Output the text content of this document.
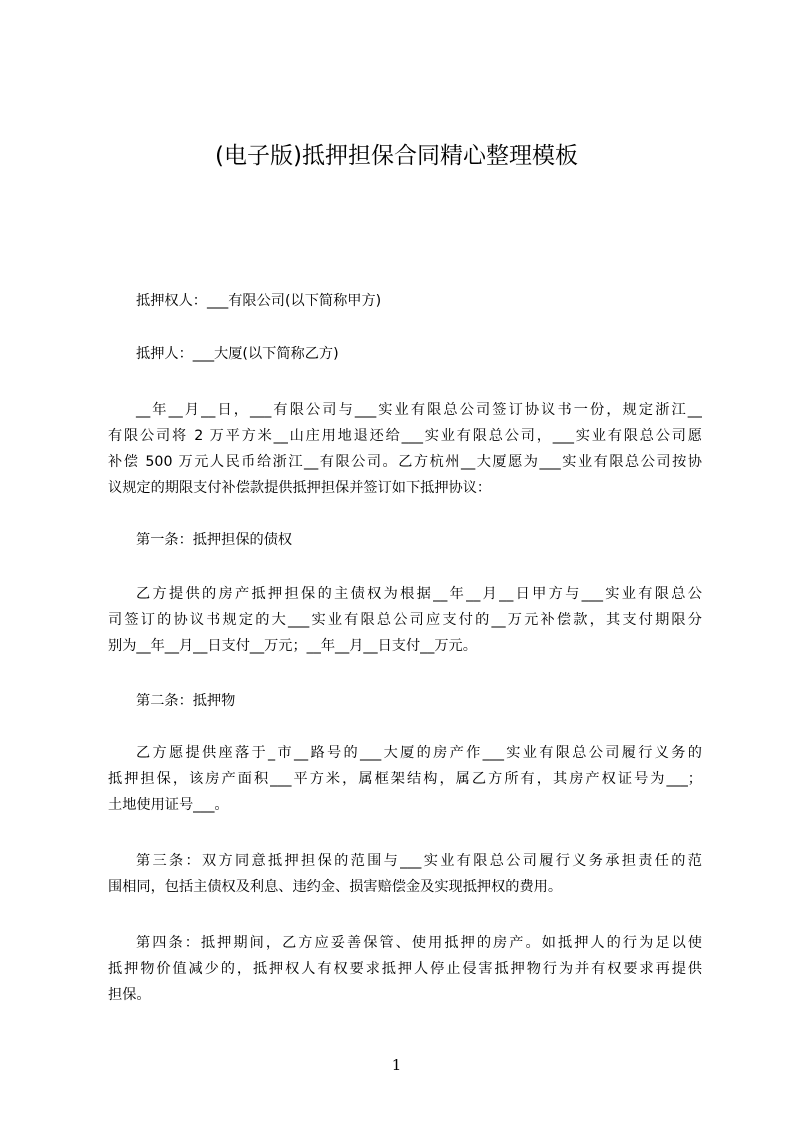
(电子版)抵押担保合同精心整理模板
抵押权人：___有限公司(以下简称甲方)
抵押人：___大厦(以下简称乙方)
__年__月__日，___有限公司与___实业有限总公司签订协议书一份，规定浙江__
有限公司将 2 万平方米__山庄用地退还给___实业有限总公司，___实业有限总公司愿
补偿 500 万元人民币给浙江__有限公司。乙方杭州__大厦愿为___实业有限总公司按协
议规定的期限支付补偿款提供抵押担保并签订如下抵押协议：
第一条：抵押担保的债权
乙方提供的房产抵押担保的主债权为根据__年__月__日甲方与___实业有限总公
司签订的协议书规定的大___实业有限总公司应支付的__万元补偿款，其支付期限分
别为__年__月__日支付__万元；__年__月__日支付__万元。
第二条：抵押物
乙方愿提供座落于_市__路号的___大厦的房产作___实业有限总公司履行义务的
抵押担保，该房产面积___平方米，属框架结构，属乙方所有，其房产权证号为___；
土地使用证号___。
第三条：双方同意抵押担保的范围与___实业有限总公司履行义务承担责任的范
围相同，包括主债权及利息、违约金、损害赔偿金及实现抵押权的费用。
第四条：抵押期间，乙方应妥善保管、使用抵押的房产。如抵押人的行为足以使
抵押物价值减少的，抵押权人有权要求抵押人停止侵害抵押物行为并有权要求再提供
担保。
1
